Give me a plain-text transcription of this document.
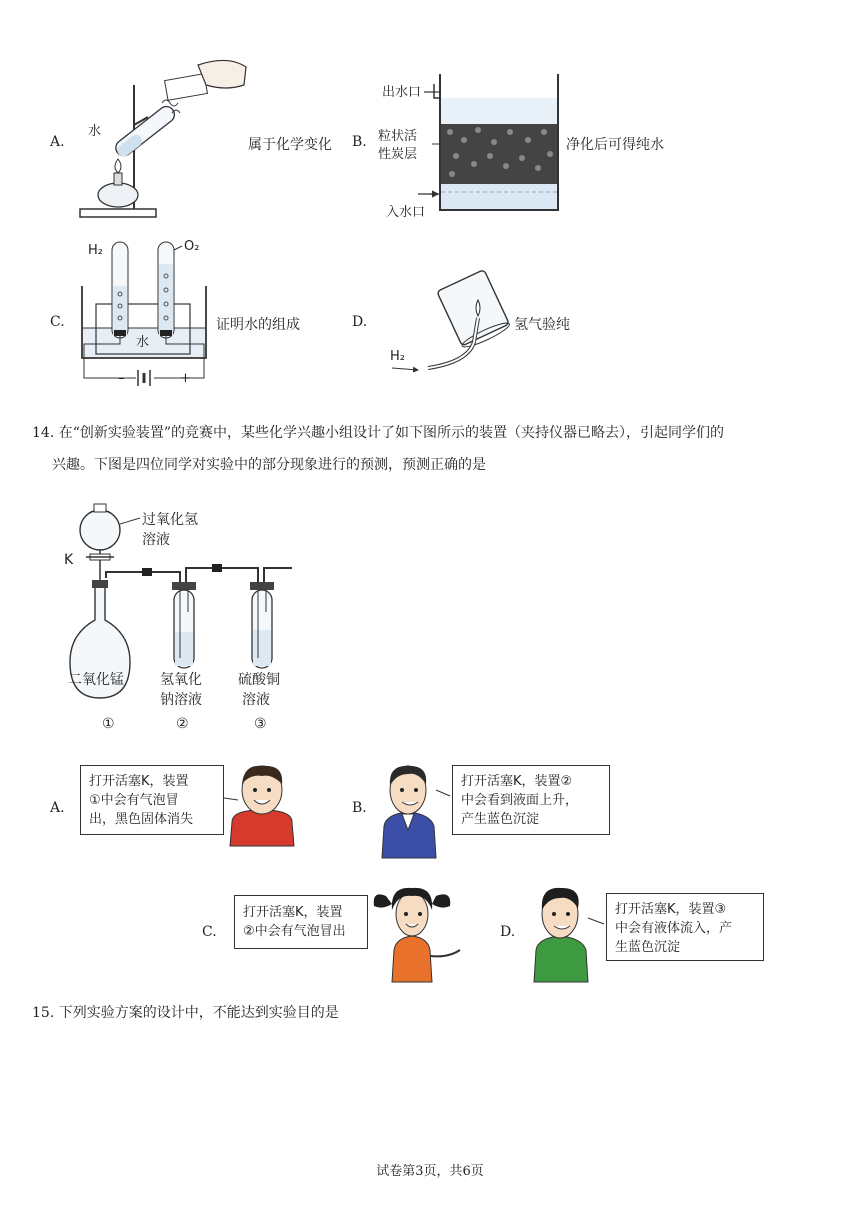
A.
水
属于化学变化 B.
出水口
粒状活
性炭层
入水口
净化后可得纯水
C.
H₂	O₂
水
–	+
证明水的组成	D.
H₂
氢气验纯
14. 在“创新实验装置”的竞赛中，某些化学兴趣小组设计了如下图所示的装置（夹持仪器已略去），引起同学们的
兴趣。下图是四位同学对实验中的部分现象进行的预测，预测正确的是
过氧化氢
溶液
K
二氧化锰	氢氧化
钠溶液
硫酸铜
溶液
①	②	③
A.
打开活塞K，装置
①中会有气泡冒
出，黑色固体消失
B.
打开活塞K，装置②
中会看到液面上升，
产生蓝色沉淀
C.
打开活塞K，装置
②中会有气泡冒出	D.
打开活塞K，装置③
中会有液体流入，产
生蓝色沉淀
15. 下列实验方案的设计中，不能达到实验目的是
试卷第3页，共6页
